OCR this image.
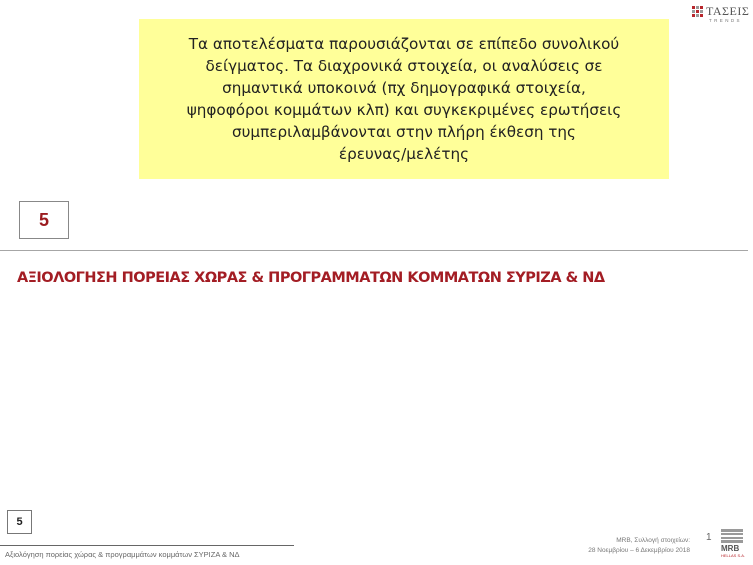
ΤΑΣΕΙΣ
TRENDS

Τα αποτελέσματα παρουσιάζονται σε επίπεδο συνολικού
δείγματος. Τα διαχρονικά στοιχεία, οι αναλύσεις σε
σημαντικά υποκοινά (πχ δημογραφικά στοιχεία,
ψηφοφόροι κομμάτων κλπ) και συγκεκριμένες ερωτήσεις
συμπεριλαμβάνονται στην πλήρη έκθεση της
έρευνας/μελέτης

5
ΑΞΙΟΛΟΓΗΣΗ ΠΟΡΕΙΑΣ ΧΩΡΑΣ & ΠΡΟΓΡΑΜΜΑΤΩΝ ΚΟΜΜΑΤΩΝ ΣΥΡΙΖΑ & ΝΔ
5
Αξιολόγηση πορείας χώρας & προγραμμάτων κομμάτων ΣΥΡΙΖΑ & ΝΔ
MRB, Συλλογή στοιχείων:
28 Νοεμβρίου – 6 Δεκεμβρίου 2018
1
MRB
HELLAS S.A.
